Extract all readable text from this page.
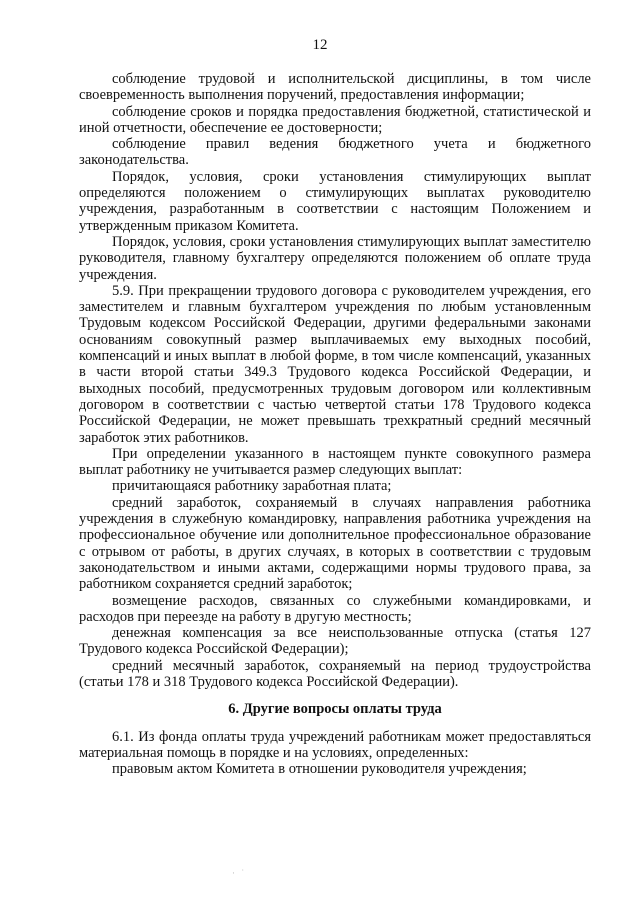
12

соблюдение трудовой и исполнительской дисциплины, в том числе своевременность выполнения поручений, предоставления информации;

соблюдение сроков и порядка предоставления бюджетной, статистической и иной отчетности, обеспечение ее достоверности;

соблюдение правил ведения бюджетного учета и бюджетного законодательства.

Порядок, условия, сроки установления стимулирующих выплат определяются положением о стимулирующих выплатах руководителю учреждения, разработанным в соответствии с настоящим Положением и утвержденным приказом Комитета.

Порядок, условия, сроки установления стимулирующих выплат заместителю руководителя, главному бухгалтеру определяются положением об оплате труда учреждения.

5.9. При прекращении трудового договора с руководителем учреждения, его заместителем и главным бухгалтером учреждения по любым установленным Трудовым кодексом Российской Федерации, другими федеральными законами основаниям совокупный размер выплачиваемых ему выходных пособий, компенсаций и иных выплат в любой форме, в том числе компенсаций, указанных в части второй статьи 349.3 Трудового кодекса Российской Федерации, и выходных пособий, предусмотренных трудовым договором или коллективным договором в соответствии с частью четвертой статьи 178 Трудового кодекса Российской Федерации, не может превышать трехкратный средний месячный заработок этих работников.

При определении указанного в настоящем пункте совокупного размера выплат работнику не учитывается размер следующих выплат:

причитающаяся работнику заработная плата;

средний заработок, сохраняемый в случаях направления работника учреждения в служебную командировку, направления работника учреждения на профессиональное обучение или дополнительное профессиональное образование с отрывом от работы, в других случаях, в которых в соответствии с трудовым законодательством и иными актами, содержащими нормы трудового права, за работником сохраняется средний заработок;

возмещение расходов, связанных со служебными командировками, и расходов при переезде на работу в другую местность;

денежная компенсация за все неиспользованные отпуска (статья 127 Трудового кодекса Российской Федерации);

средний месячный заработок, сохраняемый на период трудоустройства (статьи 178 и 318 Трудового кодекса Российской Федерации).

6. Другие вопросы оплаты труда

6.1. Из фонда оплаты труда учреждений работникам может предоставляться материальная помощь в порядке и на условиях, определенных:

правовым актом Комитета в отношении руководителя учреждения;

· ˙
